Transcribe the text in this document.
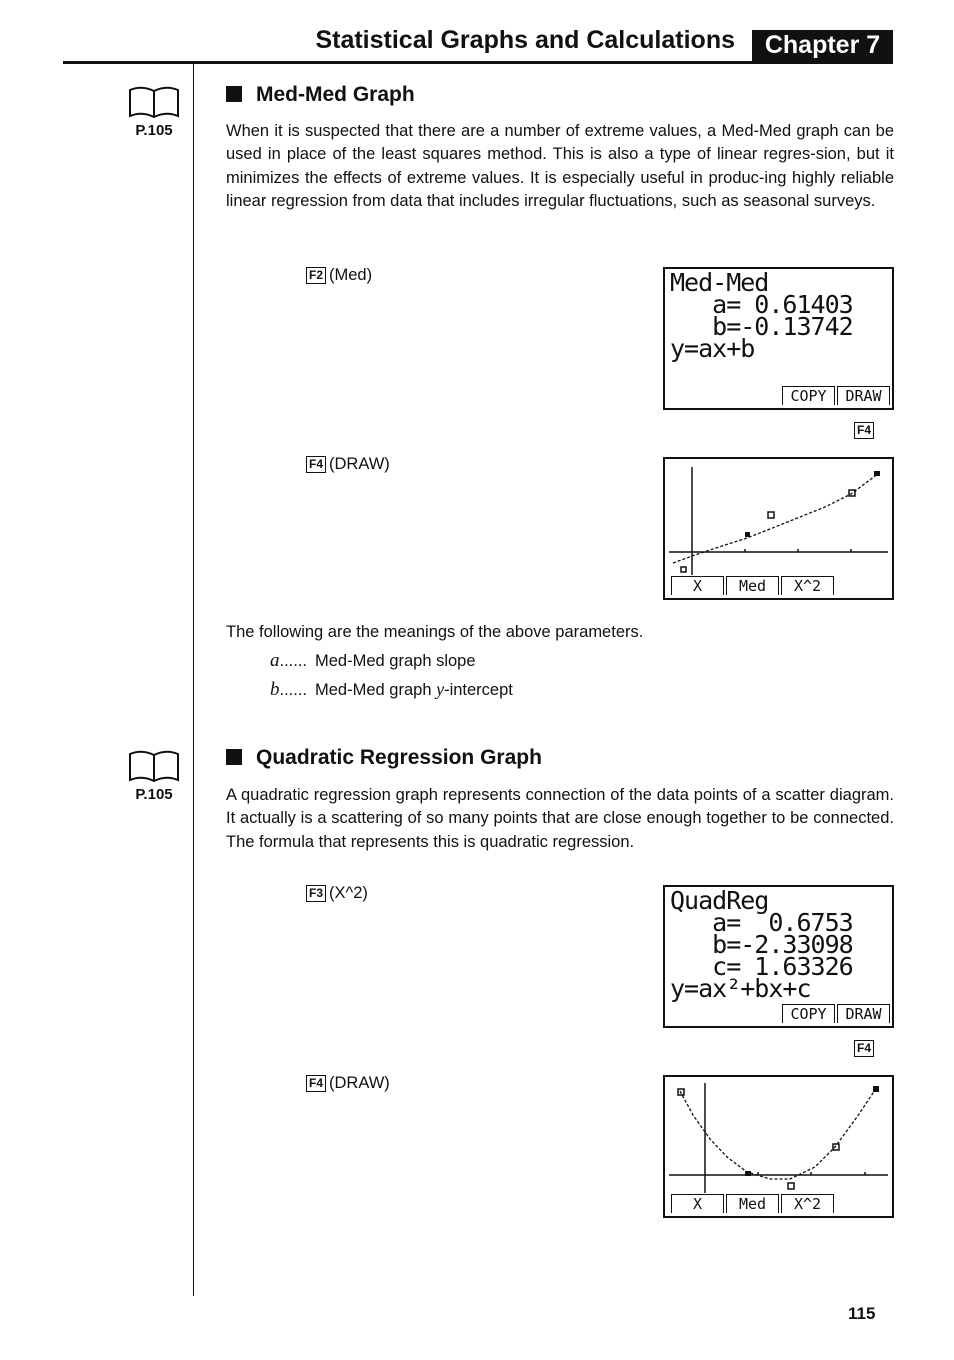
Statistical Graphs and Calculations	Chapter 7
P.105
Med-Med Graph
When it is suspected that there are a number of extreme values, a Med-Med graph can be used in place of the least squares method. This is also a type of linear regres-sion, but it minimizes the effects of extreme values. It is especially useful in produc-ing highly reliable linear regression from data that includes irregular fluctuations, such as seasonal surveys.
F2 (Med)	Med-Med
a= 0.61403
b=-0.13742
y=ax+b
COPY	DRAW
F4
F4 (DRAW)
X	Med	X^2
The following are the meanings of the above parameters.
a...... Med-Med graph slope
b...... Med-Med graph y-intercept
P.105
Quadratic Regression Graph
A quadratic regression graph represents connection of the data points of a scatter diagram. It actually is a scattering of so many points that are close enough together to be connected. The formula that represents this is quadratic regression.
F3 (X^2)	QuadReg
a=  0.6753
b=-2.33098
c= 1.63326
y=ax²+bx+c
COPY	DRAW
F4
F4 (DRAW)
X	Med	X^2
115
